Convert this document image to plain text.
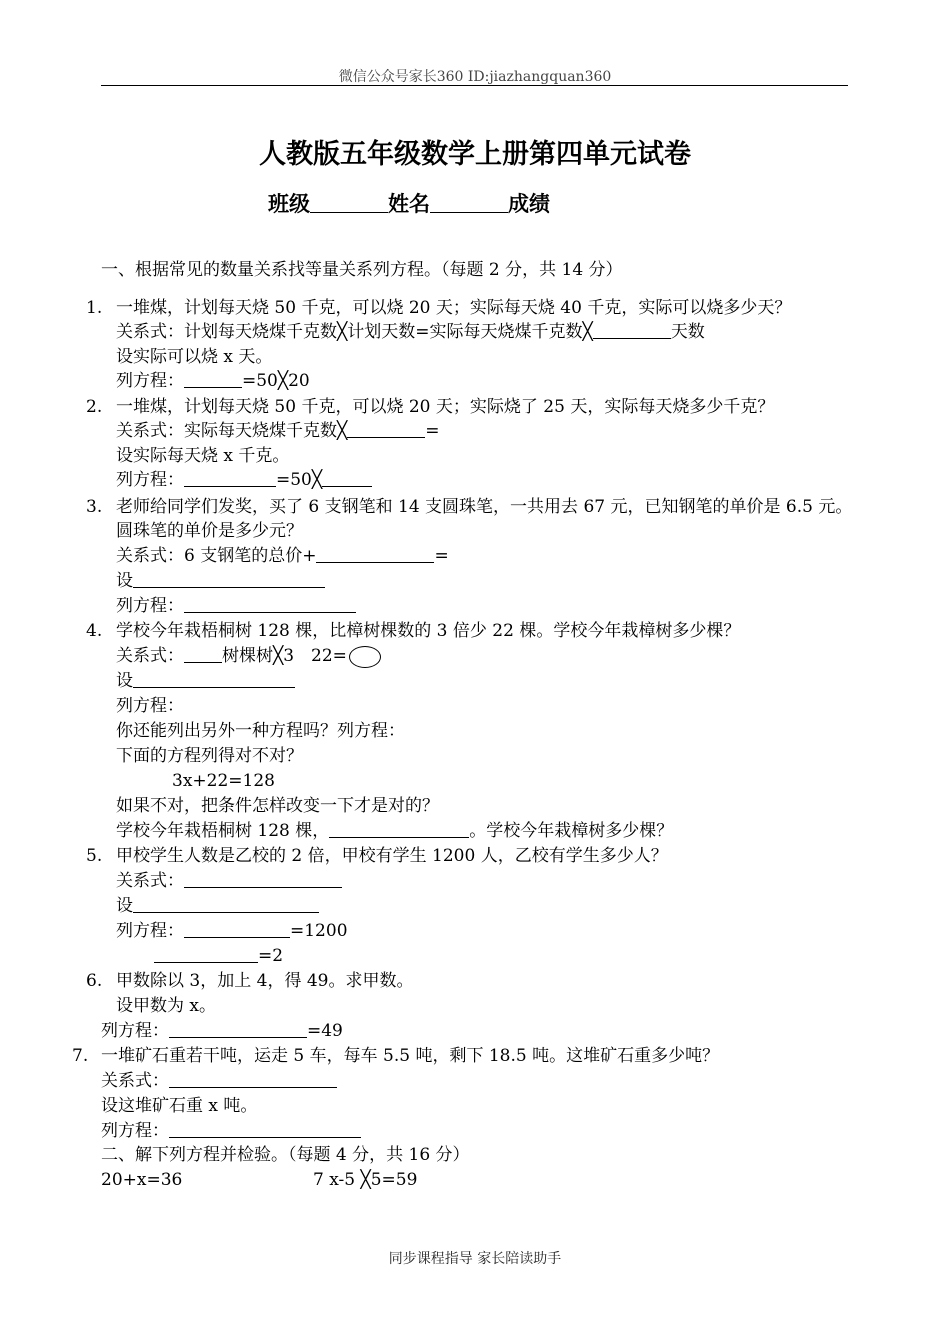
微信公众号家长360 ID:jiazhangquan360
人教版五年级数学上册第四单元试卷
班级	姓名	成绩
一、根据常见的数量关系找等量关系列方程。（每题 2 分，共 14 分）
1. 一堆煤，计划每天烧 50 千克，可以烧 20 天；实际每天烧 40 千克，实际可以烧多少天？
关系式：计划每天烧煤千克数╳计划天数=实际每天烧煤千克数╳	天数
设实际可以烧 x 天。
列方程：	=50╳20
2. 一堆煤，计划每天烧 50 千克，可以烧 20 天；实际烧了 25 天，实际每天烧多少千克？
关系式：实际每天烧煤千克数╳	=
设实际每天烧 x 千克。
列方程：	=50╳
3. 老师给同学们发奖，买了 6 支钢笔和 14 支圆珠笔，一共用去 67 元，已知钢笔的单价是 6.5 元。
圆珠笔的单价是多少元？
关系式：6 支钢笔的总价+	=
设
列方程：
4. 学校今年栽梧桐树 128 棵，比樟树棵数的 3 倍少 22 棵。学校今年栽樟树多少棵？
关系式： 树棵树╳3　22=
设
列方程：
你还能列出另外一种方程吗？列方程：
下面的方程列得对不对？
3x+22=128
如果不对，把条件怎样改变一下才是对的？
学校今年栽梧桐树 128 棵，	。学校今年栽樟树多少棵？
5. 甲校学生人数是乙校的 2 倍，甲校有学生 1200 人，乙校有学生多少人？
关系式：
设
列方程：	=1200
=2
6. 甲数除以 3，加上 4，得 49。求甲数。
设甲数为 x。
列方程：	=49
7. 一堆矿石重若干吨，运走 5 车，每车 5.5 吨，剩下 18.5 吨。这堆矿石重多少吨？
关系式：
设这堆矿石重 x 吨。
列方程：
二、解下列方程并检验。（每题 4 分，共 16 分）
20+x=36	7 x-5 ╳5=59
同步课程指导 家长陪读助手
